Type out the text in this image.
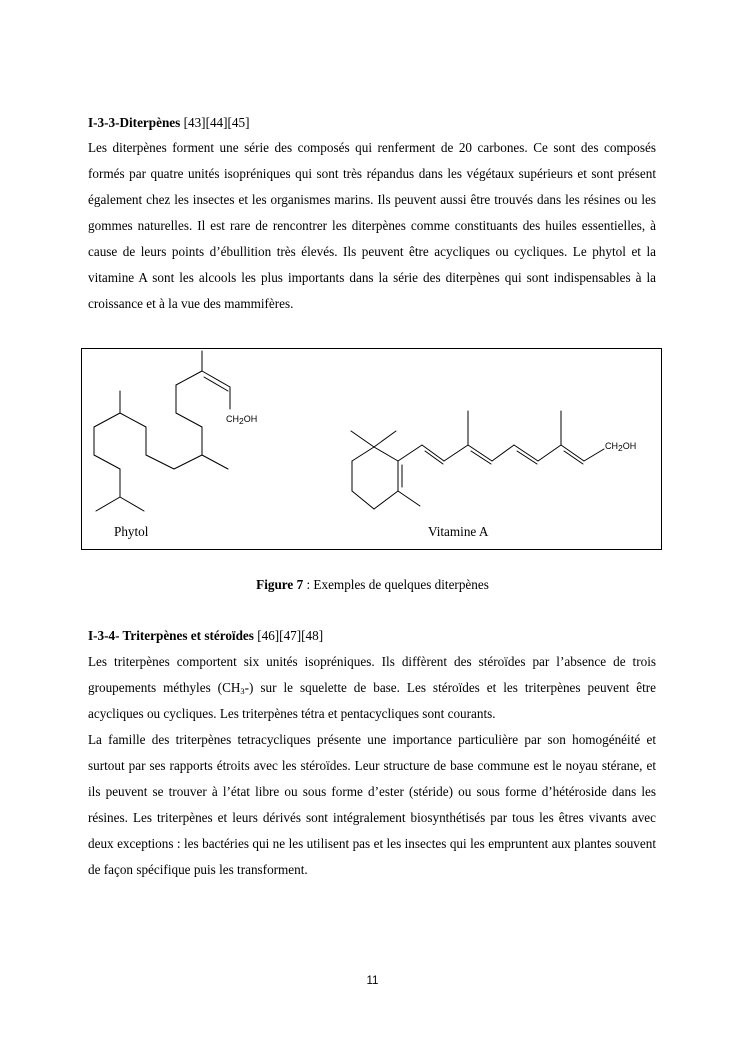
I-3-3-Diterpènes [43][44][45]
Les diterpènes forment une série des composés qui renferment de 20 carbones. Ce sont des composés formés par quatre unités isopréniques qui sont très répandus dans les végétaux supérieurs et sont présent également chez les insectes et les organismes marins. Ils peuvent aussi être trouvés dans les résines ou les gommes naturelles. Il est rare de rencontrer les diterpènes comme constituants des huiles essentielles, à cause de leurs points d’ébullition très élevés. Ils peuvent être acycliques ou cycliques. Le phytol et la vitamine A sont les alcools les plus importants dans la série des diterpènes qui sont indispensables à la croissance et à la vue des mammifères.
I-3-4- Triterpènes et stéroïdes [46][47][48]
Les triterpènes comportent six unités isopréniques. Ils diffèrent des stéroïdes par l’absence de trois groupements méthyles $(CH_3-)$ sur le squelette de base. Les stéroïdes et les triterpènes peuvent être acycliques ou cycliques. Les triterpènes tétra et pentacycliques sont courants.
La famille des triterpènes tetracycliques présente une importance particulière par son homogénéité et surtout par ses rapports étroits avec les stéroïdes. Leur structure de base commune est le noyau stérane, et ils peuvent se trouver à l’état libre ou sous forme d’ester (stéride) ou sous forme d’hétéroside dans les résines. Les triterpènes et leurs dérivés sont intégralement biosynthétisés par tous les êtres vivants avec deux exceptions : les bactéries qui ne les utilisent pas et les insectes qui les empruntent aux plantes souvent de façon spécifique puis les transforment.
$CH_2OH$
$CH_2OH$
Phytol	Vitamine A
Figure 7 : Exemples de quelques diterpènes
11
